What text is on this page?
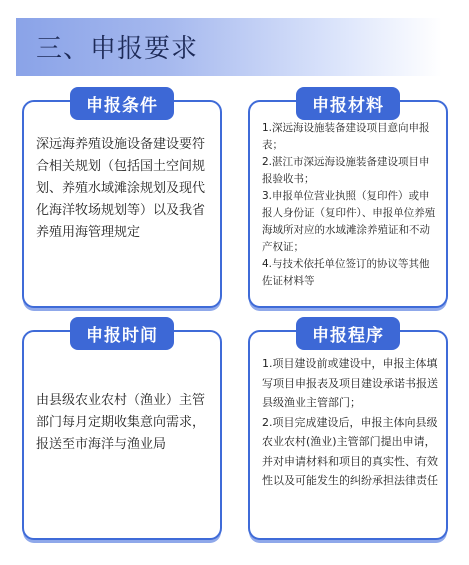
三、申报要求
申报条件
深远海养殖设施设备建设要符合相关规划（包括国土空间规划、养殖水域滩涂规划及现代化海洋牧场规划等）以及我省养殖用海管理规定
申报材料
1.深远海设施装备建设项目意向申报表；
2.湛江市深远海设施装备建设项目申报验收书；
3.申报单位营业执照（复印件）或申报人身份证（复印件）、申报单位养殖海域所对应的水域滩涂养殖证和不动产权证；
4.与技术依托单位签订的协议等其他佐证材料等
申报时间
由县级农业农村（渔业）主管部门每月定期收集意向需求，报送至市海洋与渔业局
申报程序
1.项目建设前或建设中，申报主体填写项目申报表及项目建设承诺书报送县级渔业主管部门；
2.项目完成建设后，申报主体向县级农业农村(渔业)主管部门提出申请，并对申请材料和项目的真实性、有效性以及可能发生的纠纷承担法律责任
